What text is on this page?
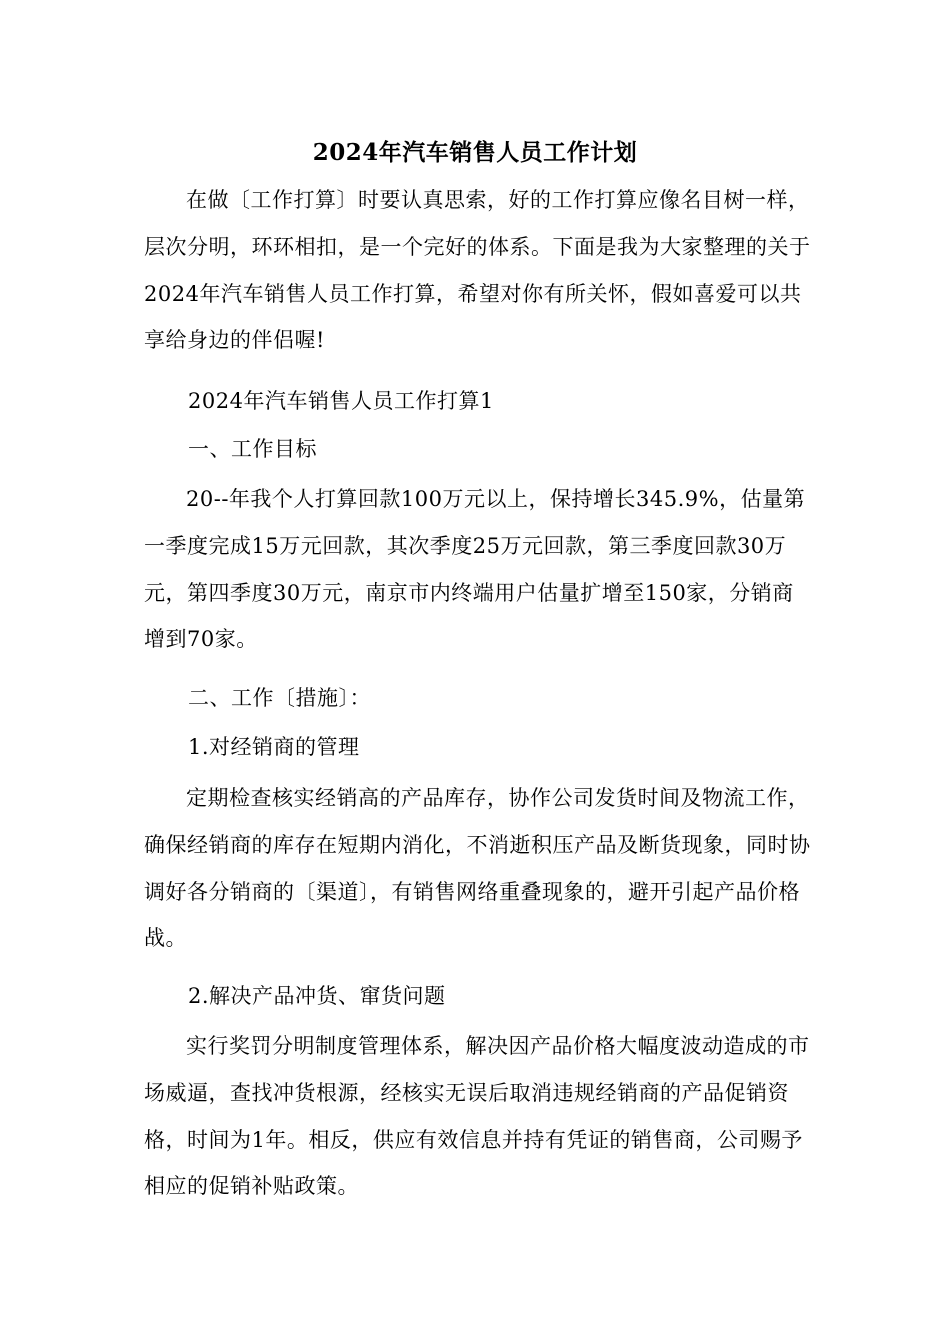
2024年汽车销售人员工作计划
在做〔工作打算〕时要认真思索，好的工作打算应像名目树一样，层次分明，环环相扣，是一个完好的体系。下面是我为大家整理的关于2024年汽车销售人员工作打算，希望对你有所关怀，假如喜爱可以共享给身边的伴侣喔!
2024年汽车销售人员工作打算1
一、工作目标
20--年我个人打算回款100万元以上，保持增长345.9%，估量第一季度完成15万元回款，其次季度25万元回款，第三季度回款30万元，第四季度30万元，南京市内终端用户估量扩增至150家，分销商增到70家。
二、工作〔措施〕：
1.对经销商的管理
定期检查核实经销高的产品库存，协作公司发货时间及物流工作，确保经销商的库存在短期内消化，不消逝积压产品及断货现象，同时协调好各分销商的〔渠道〕，有销售网络重叠现象的，避开引起产品价格战。
2.解决产品冲货、窜货问题
实行奖罚分明制度管理体系，解决因产品价格大幅度波动造成的市场威逼，查找冲货根源，经核实无误后取消违规经销商的产品促销资格，时间为1年。相反，供应有效信息并持有凭证的销售商，公司赐予相应的促销补贴政策。
